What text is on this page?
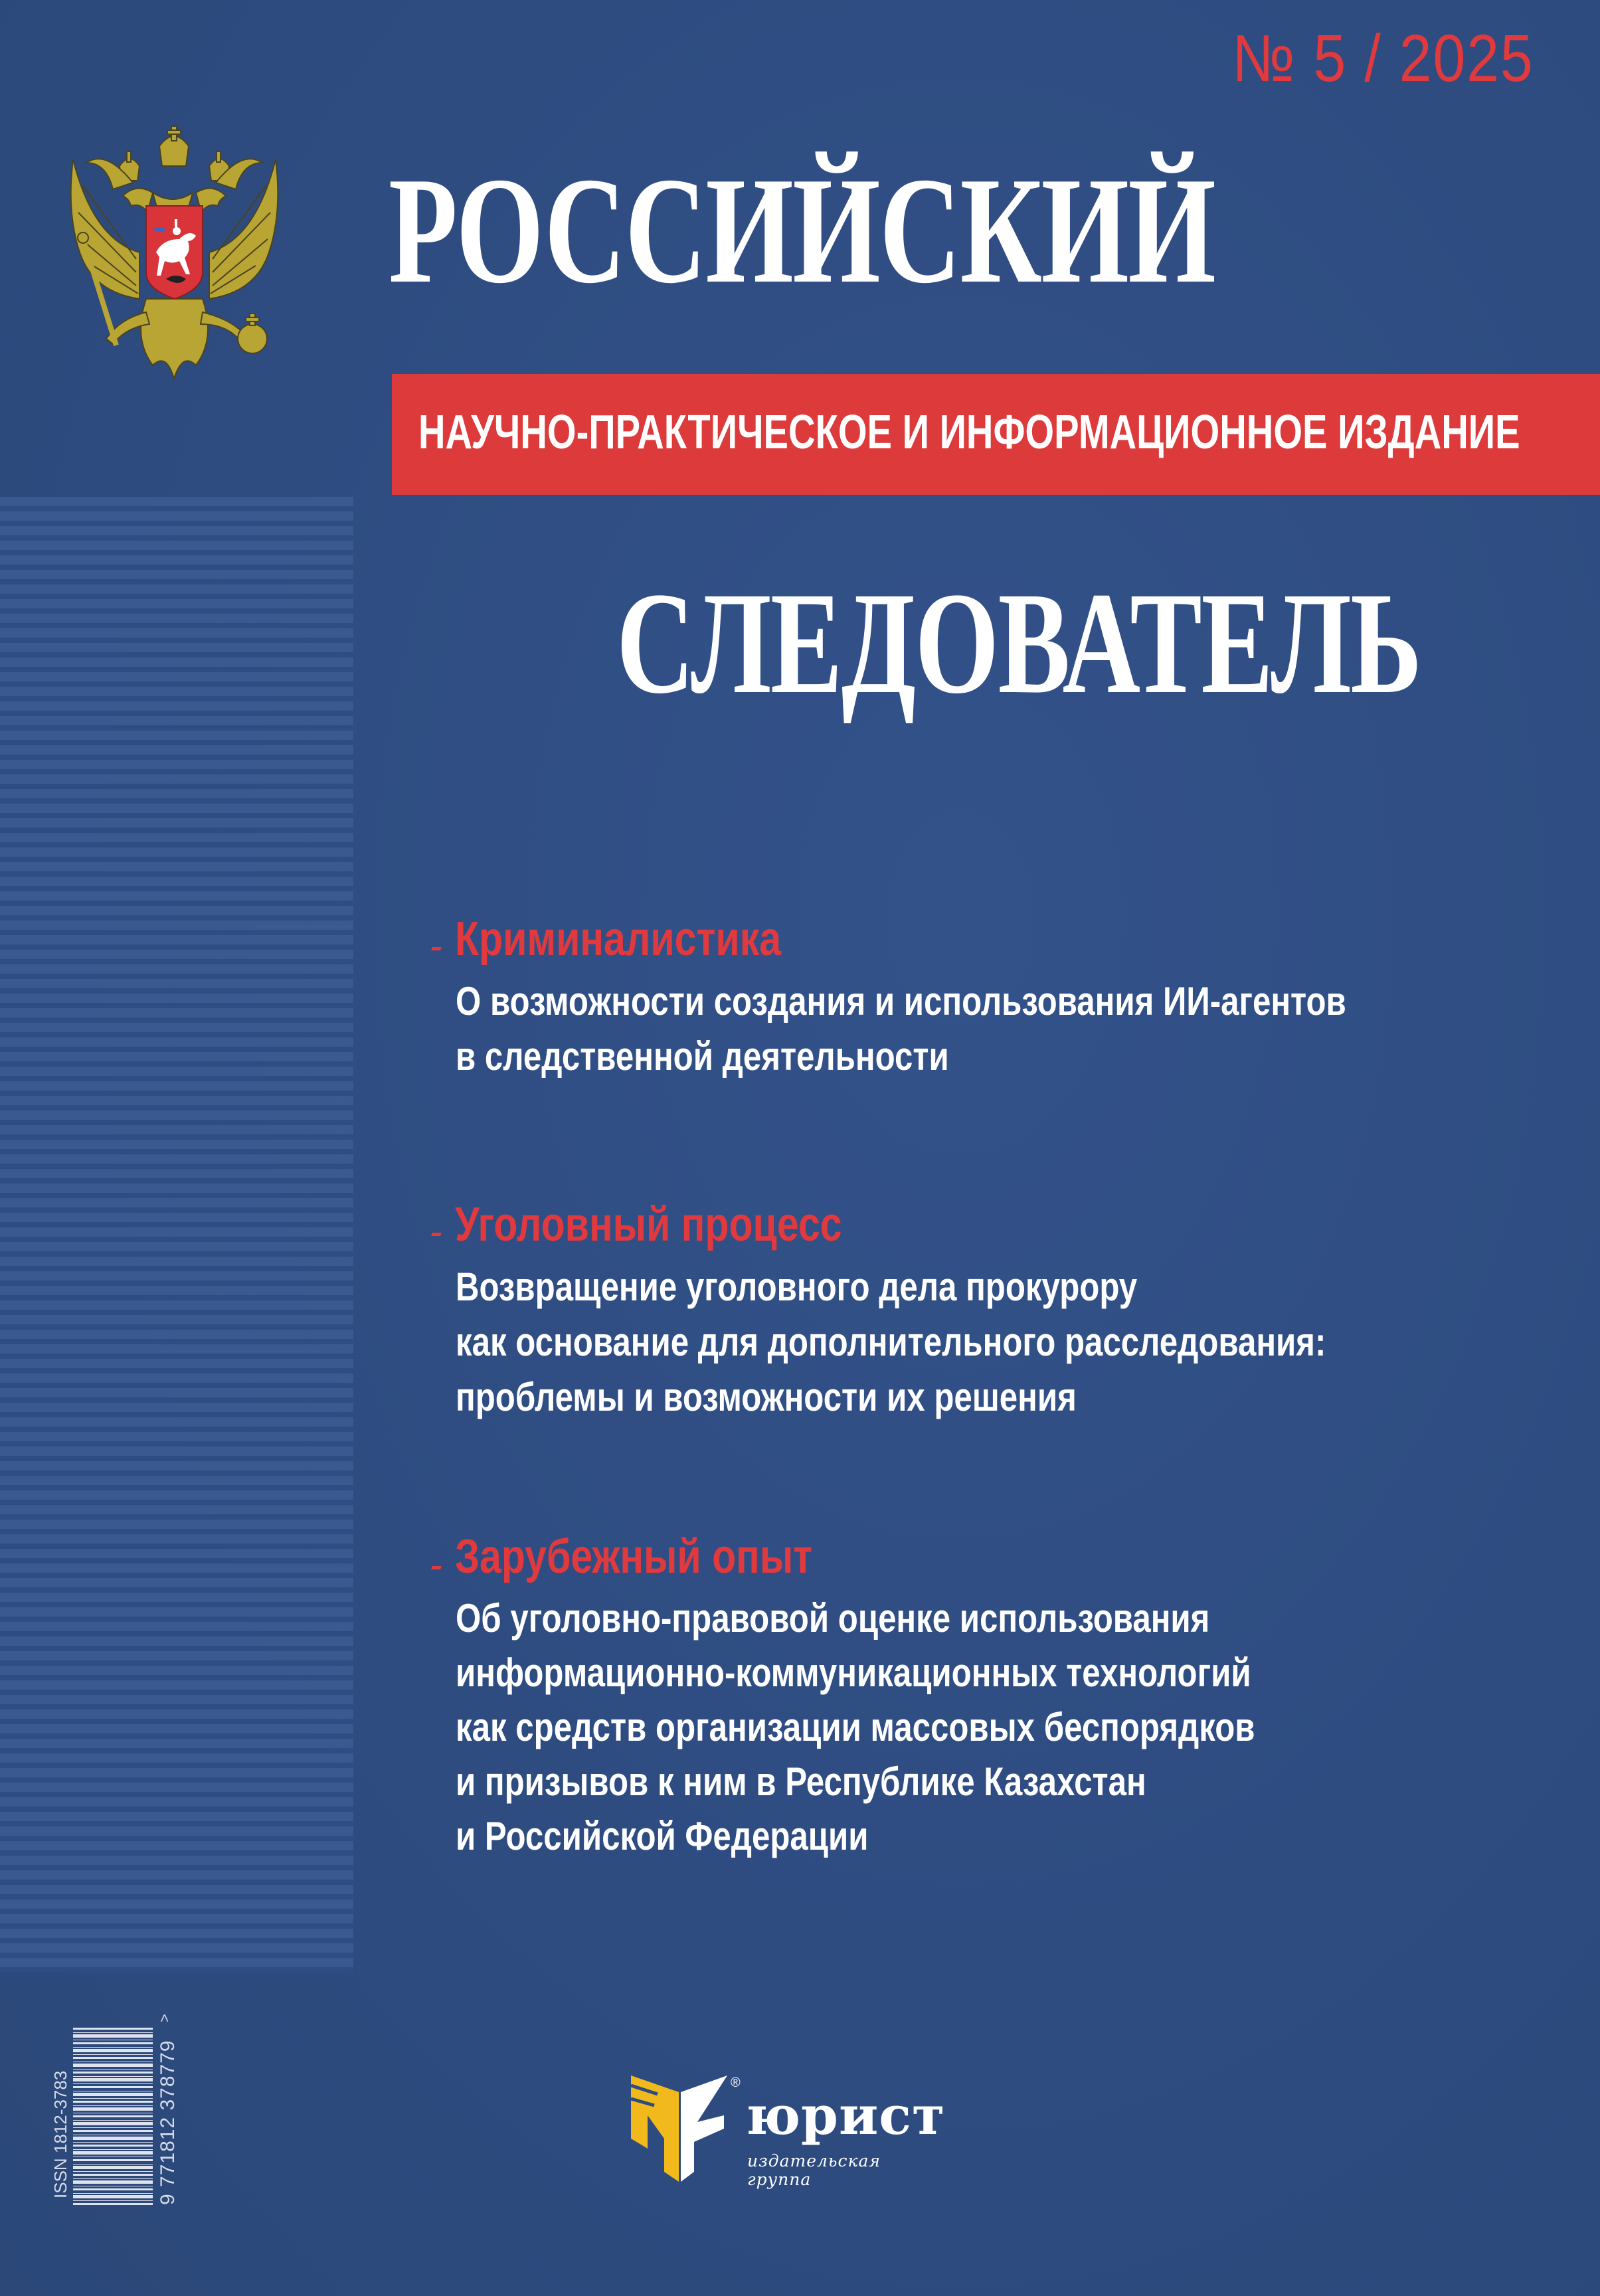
№ 5 / 2025
РОССИЙСКИЙ
НАУЧНО-ПРАКТИЧЕСКОЕ И ИНФОРМАЦИОННОЕ ИЗДАНИЕ
СЛЕДОВАТЕЛЬ
Криминалистика
О возможности создания и использования ИИ-агентов
в следственной деятельности
Уголовный процесс
Возвращение уголовного дела прокурору
как основание для дополнительного расследования:
проблемы и возможности их решения
Зарубежный опыт
Об уголовно-правовой оценке использования
информационно-коммуникационных технологий
как средств организации массовых беспорядков
и призывов к ним в Республике Казахстан
и Российской Федерации
ISSN 1812-3783	9 771812 378779
>
®
юрист
издательская
группа
